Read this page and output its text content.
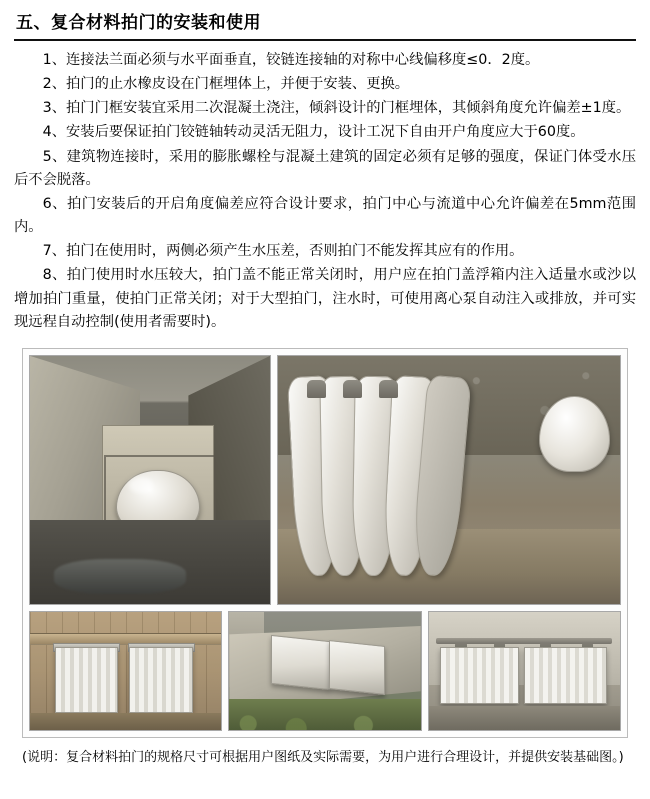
五、复合材料拍门的安装和使用

1、连接法兰面必须与水平面垂直，铰链连接轴的对称中心线偏移度≤0．2度。

2、拍门的止水橡皮设在门框埋体上，并便于安装、更换。

3、拍门门框安装宜采用二次混凝土浇注，倾斜设计的门框埋体，其倾斜角度允许偏差±1度。

4、安装后要保证拍门铰链轴转动灵活无阻力，设计工况下自由开户角度应大于60度。

5、建筑物连接时，采用的膨胀螺栓与混凝土建筑的固定必须有足够的强度，保证门体受水压后不会脱落。

6、拍门安装后的开启角度偏差应符合设计要求，拍门中心与流道中心允许偏差在5mm范围内。

7、拍门在使用时，两侧必须产生水压差，否则拍门不能发挥其应有的作用。

8、拍门使用时水压较大，拍门盖不能正常关闭时，用户应在拍门盖浮箱内注入适量水或沙以增加拍门重量，使拍门正常关闭；对于大型拍门，注水时，可使用离心泵自动注入或排放，并可实现远程自动控制(使用者需要时)。

(说明：复合材料拍门的规格尺寸可根据用户图纸及实际需要，为用户进行合理设计，并提供安装基础图。)
